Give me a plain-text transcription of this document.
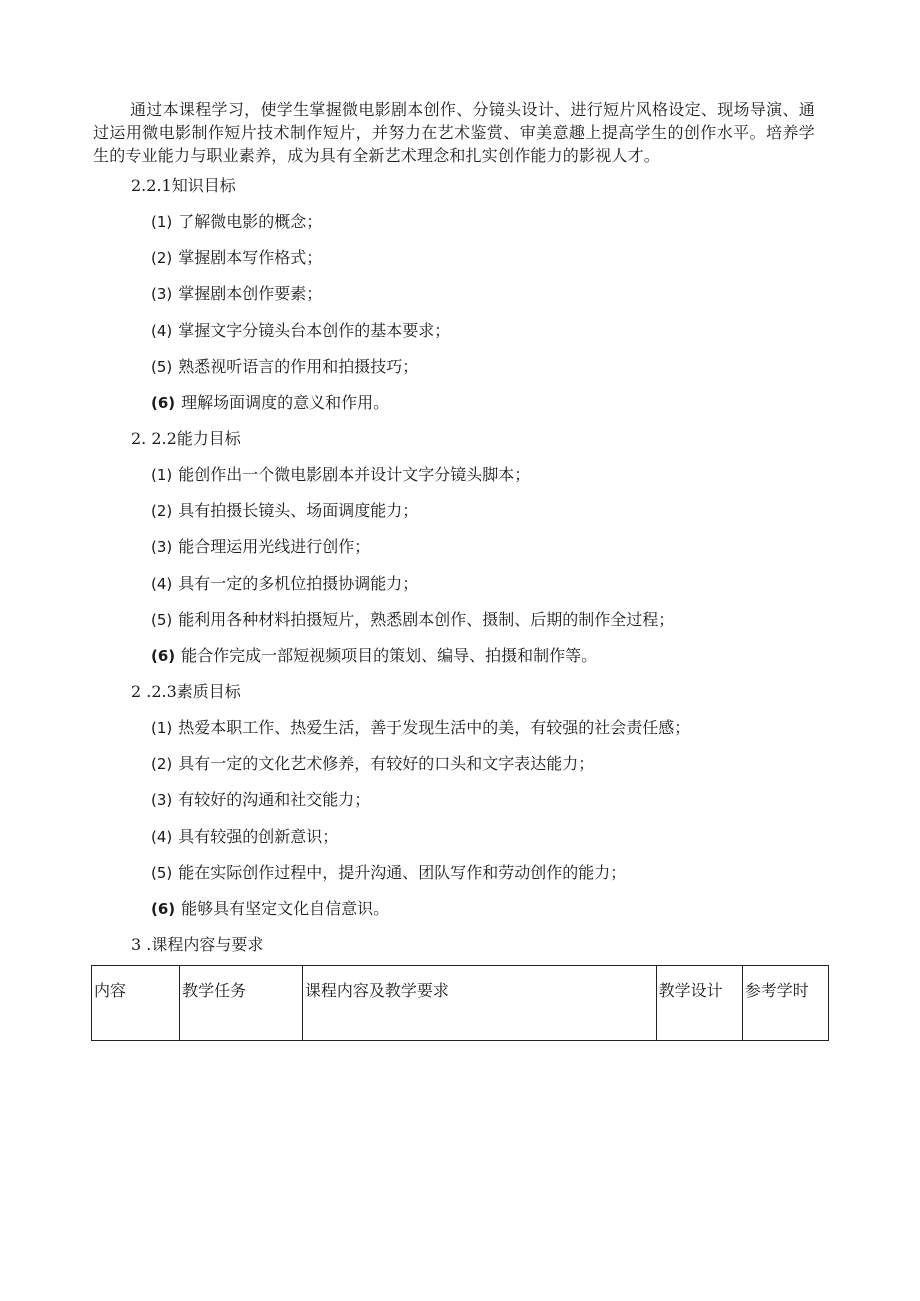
通过本课程学习，使学生掌握微电影剧本创作、分镜头设计、进行短片风格设定、现场导演、通过运用微电影制作短片技术制作短片，并努力在艺术鉴赏、审美意趣上提高学生的创作水平。培养学生的专业能力与职业素养，成为具有全新艺术理念和扎实创作能力的影视人才。

2.2.1知识目标

(1) 了解微电影的概念；

(2) 掌握剧本写作格式；

(3) 掌握剧本创作要素；

(4) 掌握文字分镜头台本创作的基本要求；

(5) 熟悉视听语言的作用和拍摄技巧；

(6) 理解场面调度的意义和作用。

2. 2.2能力目标

(1) 能创作出一个微电影剧本并设计文字分镜头脚本；

(2) 具有拍摄长镜头、场面调度能力；

(3) 能合理运用光线进行创作；

(4) 具有一定的多机位拍摄协调能力；

(5) 能利用各种材料拍摄短片，熟悉剧本创作、摄制、后期的制作全过程；

(6) 能合作完成一部短视频项目的策划、编导、拍摄和制作等。

2 .2.3素质目标

(1) 热爱本职工作、热爱生活，善于发现生活中的美，有较强的社会责任感；

(2) 具有一定的文化艺术修养，有较好的口头和文字表达能力；

(3) 有较好的沟通和社交能力；

(4) 具有较强的创新意识；

(5) 能在实际创作过程中，提升沟通、团队写作和劳动创作的能力；

(6) 能够具有坚定文化自信意识。

3 .课程内容与要求

内容	教学任务	课程内容及教学要求	教学设计	参考学时
